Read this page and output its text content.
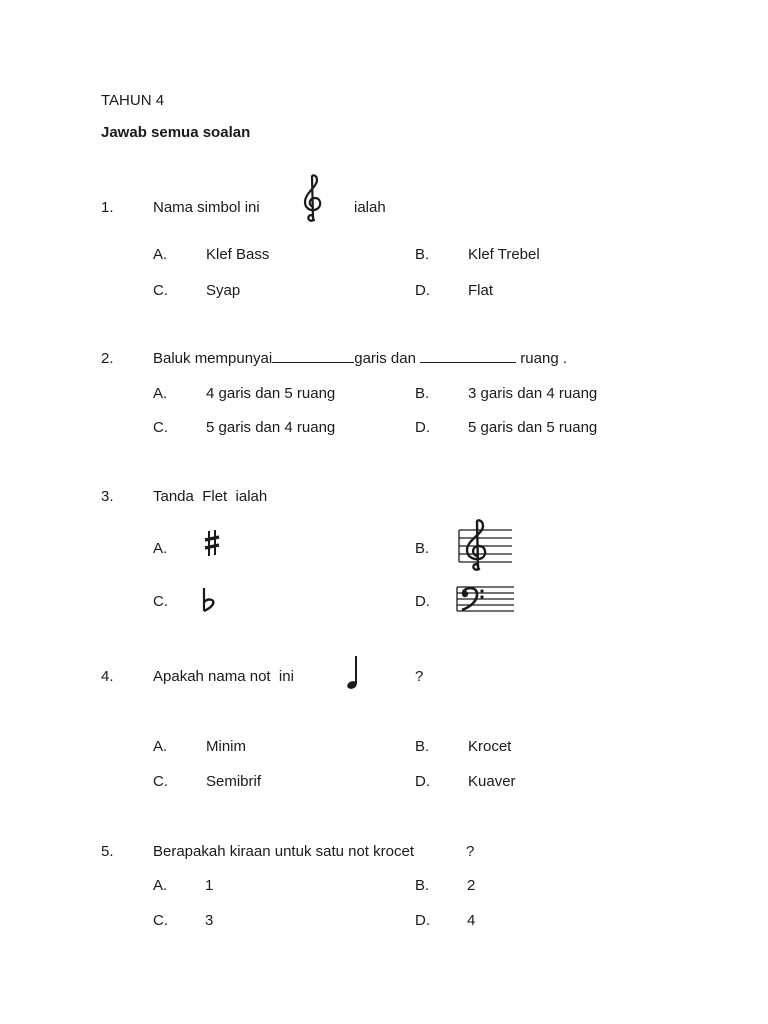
TAHUN 4
Jawab semua soalan
1.	Nama simbol ini	ialah
A.	Klef Bass	B.	Klef Trebel
C.	Syap	D.	Flat
2.	Baluk mempunyai	garis dan	ruang .
A.	4 garis dan 5 ruang	B.	3 garis dan 4 ruang
C.	5 garis dan 4 ruang	D.	5 garis dan 5 ruang
3.	Tanda  Flet  ialah
A.	B.
C.	D.
4.	Apakah nama not  ini	?
A.	Minim	B.	Krocet
C.	Semibrif	D.	Kuaver
5.	Berapakah kiraan untuk satu not krocet	?
A.	1	B.	2
C. 3	D. 4
